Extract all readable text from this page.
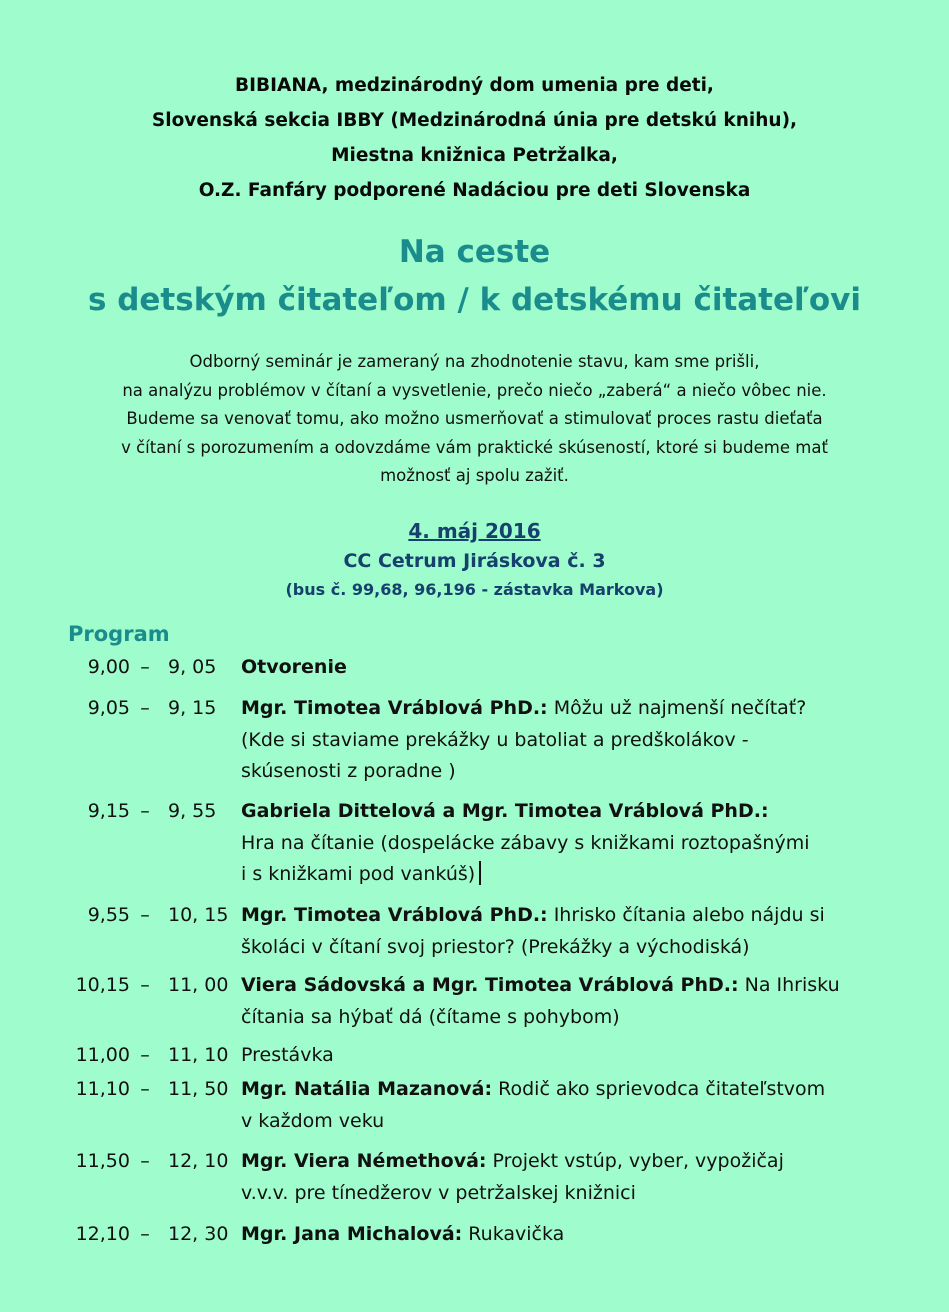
BIBIANA, medzinárodný dom umenia pre deti,
Slovenská sekcia IBBY (Medzinárodná únia pre detskú knihu),
Miestna knižnica Petržalka,
O.Z. Fanfáry podporené Nadáciou pre deti Slovenska
Na ceste
s detským čitateľom / k detskému čitateľovi
Odborný seminár je zameraný na zhodnotenie stavu, kam sme prišli,
na analýzu problémov v čítaní a vysvetlenie, prečo niečo „zaberá“ a niečo vôbec nie.
Budeme sa venovať tomu, ako možno usmerňovať a stimulovať proces rastu dieťaťa
v čítaní s porozumením a odovzdáme vám praktické skúseností, ktoré si budeme mať
možnosť aj spolu zažiť.
4. máj 2016
CC Cetrum Jiráskova č. 3
(bus č. 99,68, 96,196 - zástavka Markova)
Program
9,00 – 9, 05	Otvorenie
9,05 – 9, 15	Mgr. Timotea Vráblová PhD.: Môžu už najmenší nečítať?
(Kde si staviame prekážky u batoliat a predškolákov -
skúsenosti z poradne )
9,15 – 9, 55	Gabriela Dittelová a Mgr. Timotea Vráblová PhD.:
Hra na čítanie (dospelácke zábavy s knižkami roztopašnými
i s knižkami pod vankúš)
9,55 – 10, 15 Mgr. Timotea Vráblová PhD.: Ihrisko čítania alebo nájdu si
školáci v čítaní svoj priestor? (Prekážky a východiská)
10,15 – 11, 00 Viera Sádovská a Mgr. Timotea Vráblová PhD.: Na Ihrisku
čítania sa hýbať dá (čítame s pohybom)
11,00 – 11, 10 Prestávka
11,10 – 11, 50 Mgr. Natália Mazanová: Rodič ako sprievodca čitateľstvom
v každom veku
11,50 – 12, 10 Mgr. Viera Némethová: Projekt vstúp, vyber, vypožičaj
v.v.v. pre tínedžerov v petržalskej knižnici
12,10 – 12, 30 Mgr. Jana Michalová: Rukavička
